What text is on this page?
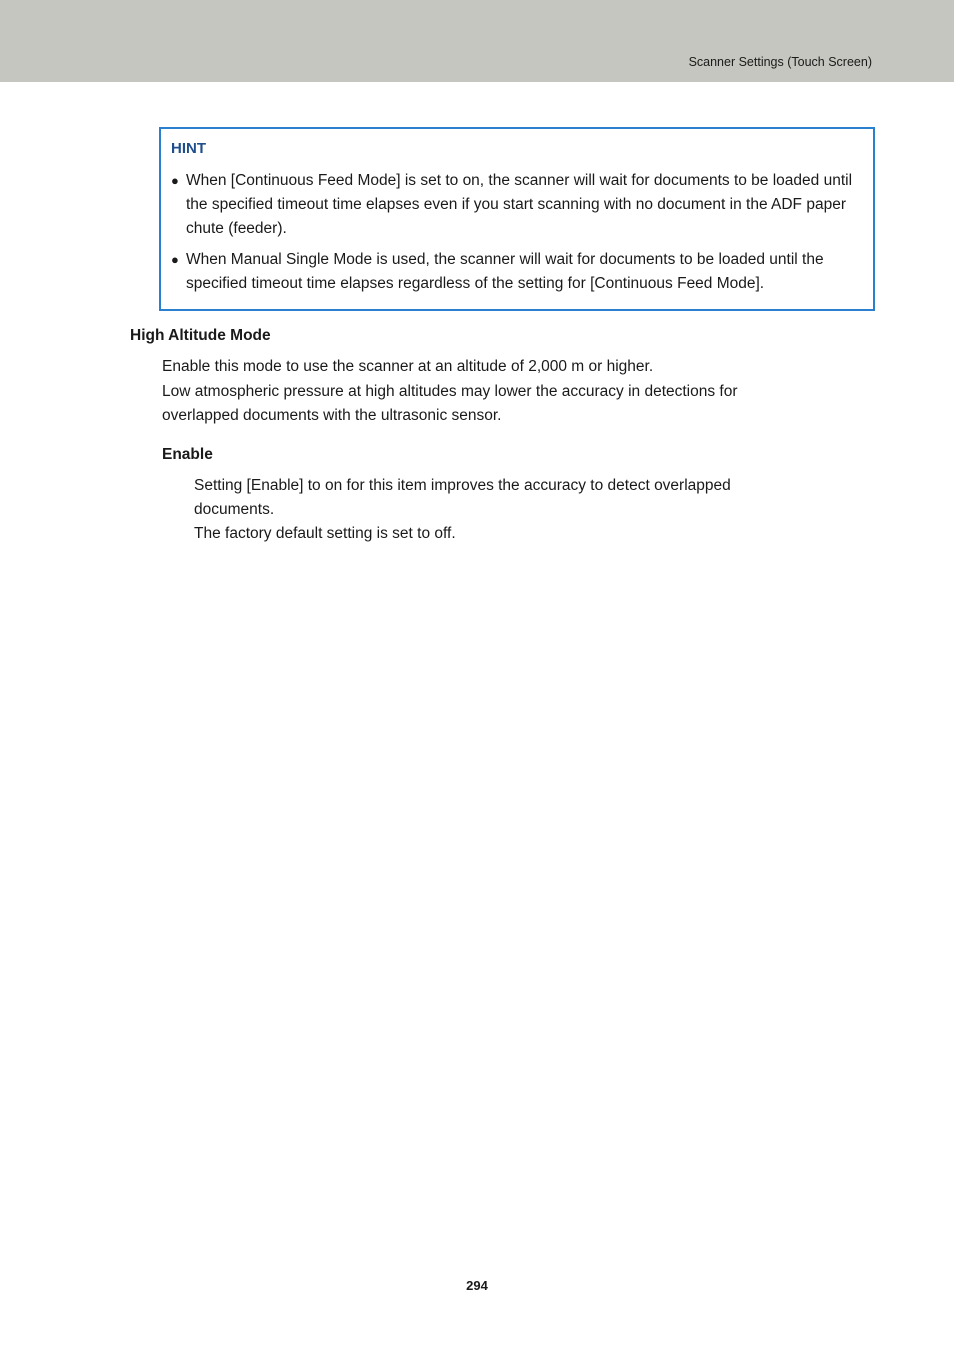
Scanner Settings (Touch Screen)
HINT
● When [Continuous Feed Mode] is set to on, the scanner will wait for documents to be loaded until the specified timeout time elapses even if you start scanning with no document in the ADF paper chute (feeder).
● When Manual Single Mode is used, the scanner will wait for documents to be loaded until the specified timeout time elapses regardless of the setting for [Continuous Feed Mode].
High Altitude Mode
Enable this mode to use the scanner at an altitude of 2,000 m or higher.
Low atmospheric pressure at high altitudes may lower the accuracy in detections for
overlapped documents with the ultrasonic sensor.
Enable
Setting [Enable] to on for this item improves the accuracy to detect overlapped
documents.
The factory default setting is set to off.
294
